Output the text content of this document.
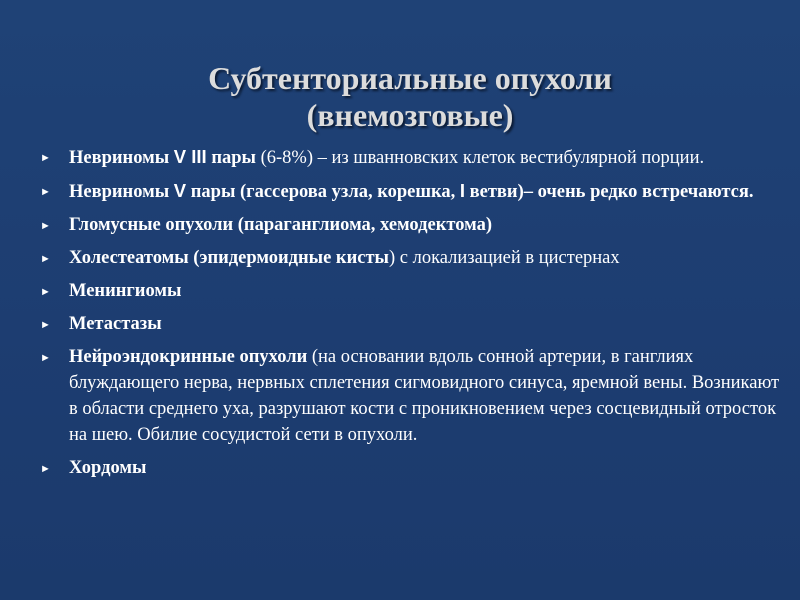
Субтенториальные опухоли
(внемозговые)
► Невриномы V III пары (6-8%) – из шванновских клеток вестибулярной порции.
► Невриномы V пары (гассерова узла, корешка, I ветви)– очень редко встречаются.
► Гломусные опухоли (параганглиома, хемодектома)
► Холестеатомы (эпидермоидные кисты) с локализацией в цистернах
► Менингиомы
► Метастазы
► Нейроэндокринные опухоли (на основании вдоль сонной артерии, в ганглиях блуждающего нерва, нервных сплетения сигмовидного синуса, яремной вены. Возникают в области среднего уха, разрушают кости с проникновением через сосцевидный отросток на шею. Обилие сосудистой сети в опухоли.
► Хордомы
